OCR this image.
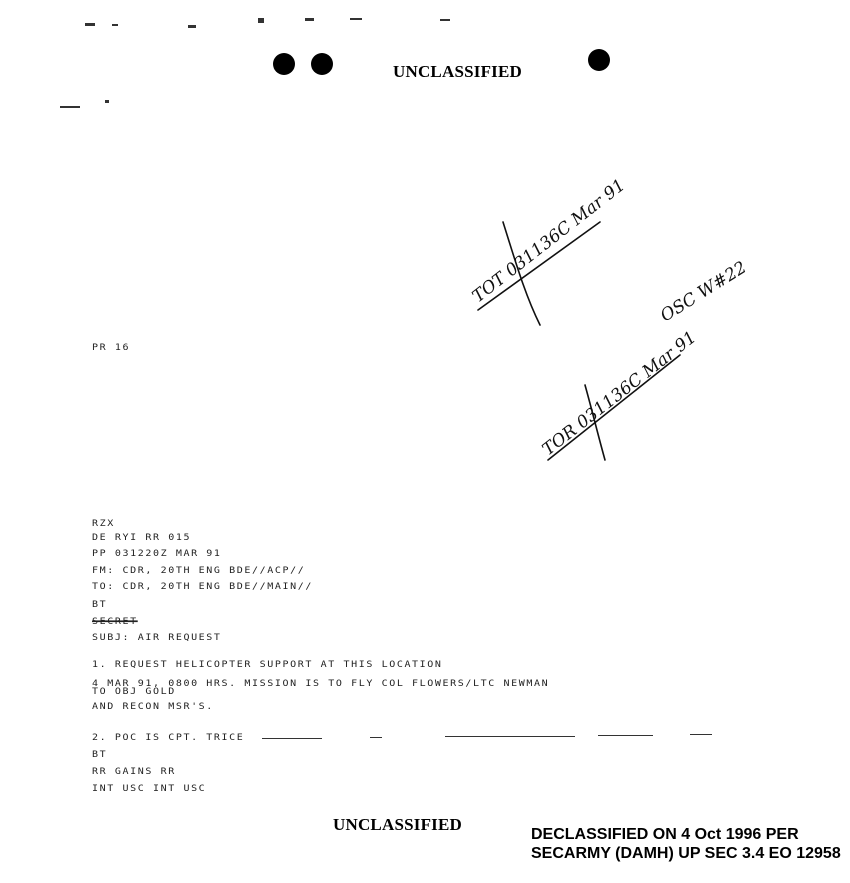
UNCLASSIFIED
TOT 031136C Mar 91 OSC W#22
TOR 031136C Mar 91
PR 16
RZX
DE RYI RR 015
PP 031220Z MAR 91
FM: CDR, 20TH ENG BDE//ACP//
TO: CDR, 20TH ENG BDE//MAIN//
BT
SECRET
SUBJ: AIR REQUEST
1. REQUEST HELICOPTER SUPPORT AT THIS LOCATION
4 MAR 91, 0800 HRS. MISSION IS TO FLY COL FLOWERS/LTC NEWMAN
TO OBJ GOLD
AND RECON MSR'S.
2. POC IS CPT. TRICE
BT
RR GAINS RR
INT USC INT USC
UNCLASSIFIED
DECLASSIFIED ON 4 Oct 1996 PER SECARMY (DAMH) UP SEC 3.4 EO 12958
